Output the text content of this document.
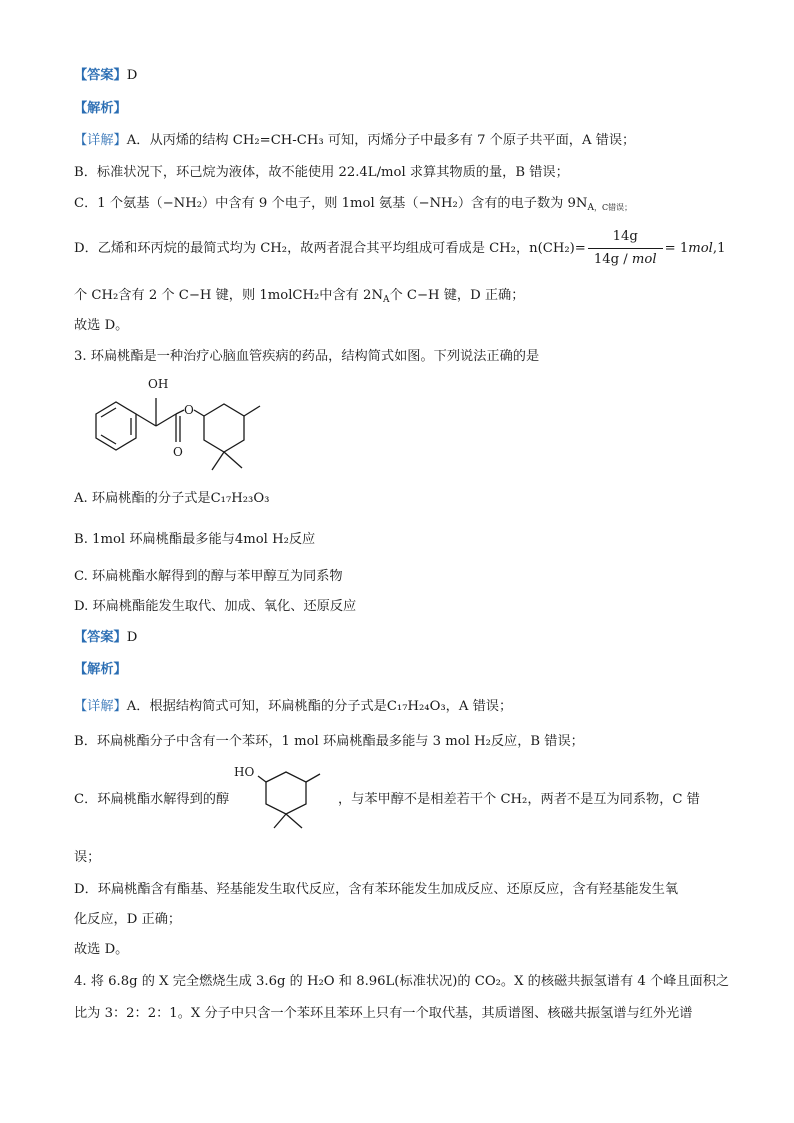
【答案】D
【解析】
【详解】A．从丙烯的结构 CH₂=CH-CH₃ 可知，丙烯分子中最多有 7 个原子共平面，A 错误；
B．标准状况下，环己烷为液体，故不能使用 22.4L/mol 求算其物质的量，B 错误；
C．1 个氨基（−NH₂）中含有 9 个电子，则 1mol 氨基（−NH₂）含有的电子数为 $9N_{A,C错误;}$
D．乙烯和环丙烷的最简式均为 CH₂，故两者混合其平均组成可看成是 CH₂，$n(CH_2)= \frac{14g}{\text{14g / mol}} = 1mol,1$
个 CH₂含有 2 个 C−H 键，则 1molCH₂中含有 $2N_A$个 C−H 键，D 正确；
故选 D。
3. 环扁桃酯是一种治疗心脑血管疾病的药品，结构简式如图。下列说法正确的是
OH
O
O
A. 环扁桃酯的分子式是C₁₇H₂₃O₃
B. 1mol 环扁桃酯最多能与4mol H₂反应
C. 环扁桃酯水解得到的醇与苯甲醇互为同系物
D. 环扁桃酯能发生取代、加成、氧化、还原反应
【答案】D
【解析】
【详解】A．根据结构简式可知，环扁桃酯的分子式是C₁₇H₂₄O₃，A 错误；
B．环扁桃酯分子中含有一个苯环，1 mol 环扁桃酯最多能与 3 mol H₂反应，B 错误；
C．环扁桃酯水解得到的醇
HO
，与苯甲醇不是相差若干个 CH₂，两者不是互为同系物，C 错
误；
D．环扁桃酯含有酯基、羟基能发生取代反应，含有苯环能发生加成反应、还原反应，含有羟基能发生氧
化反应，D 正确；
故选 D。
4. 将 6.8g 的 X 完全燃烧生成 3.6g 的 H₂O 和 8.96L(标准状况)的 CO₂。X 的核磁共振氢谱有 4 个峰且面积之
比为 3：2：2：1。X 分子中只含一个苯环且苯环上只有一个取代基，其质谱图、核磁共振氢谱与红外光谱
